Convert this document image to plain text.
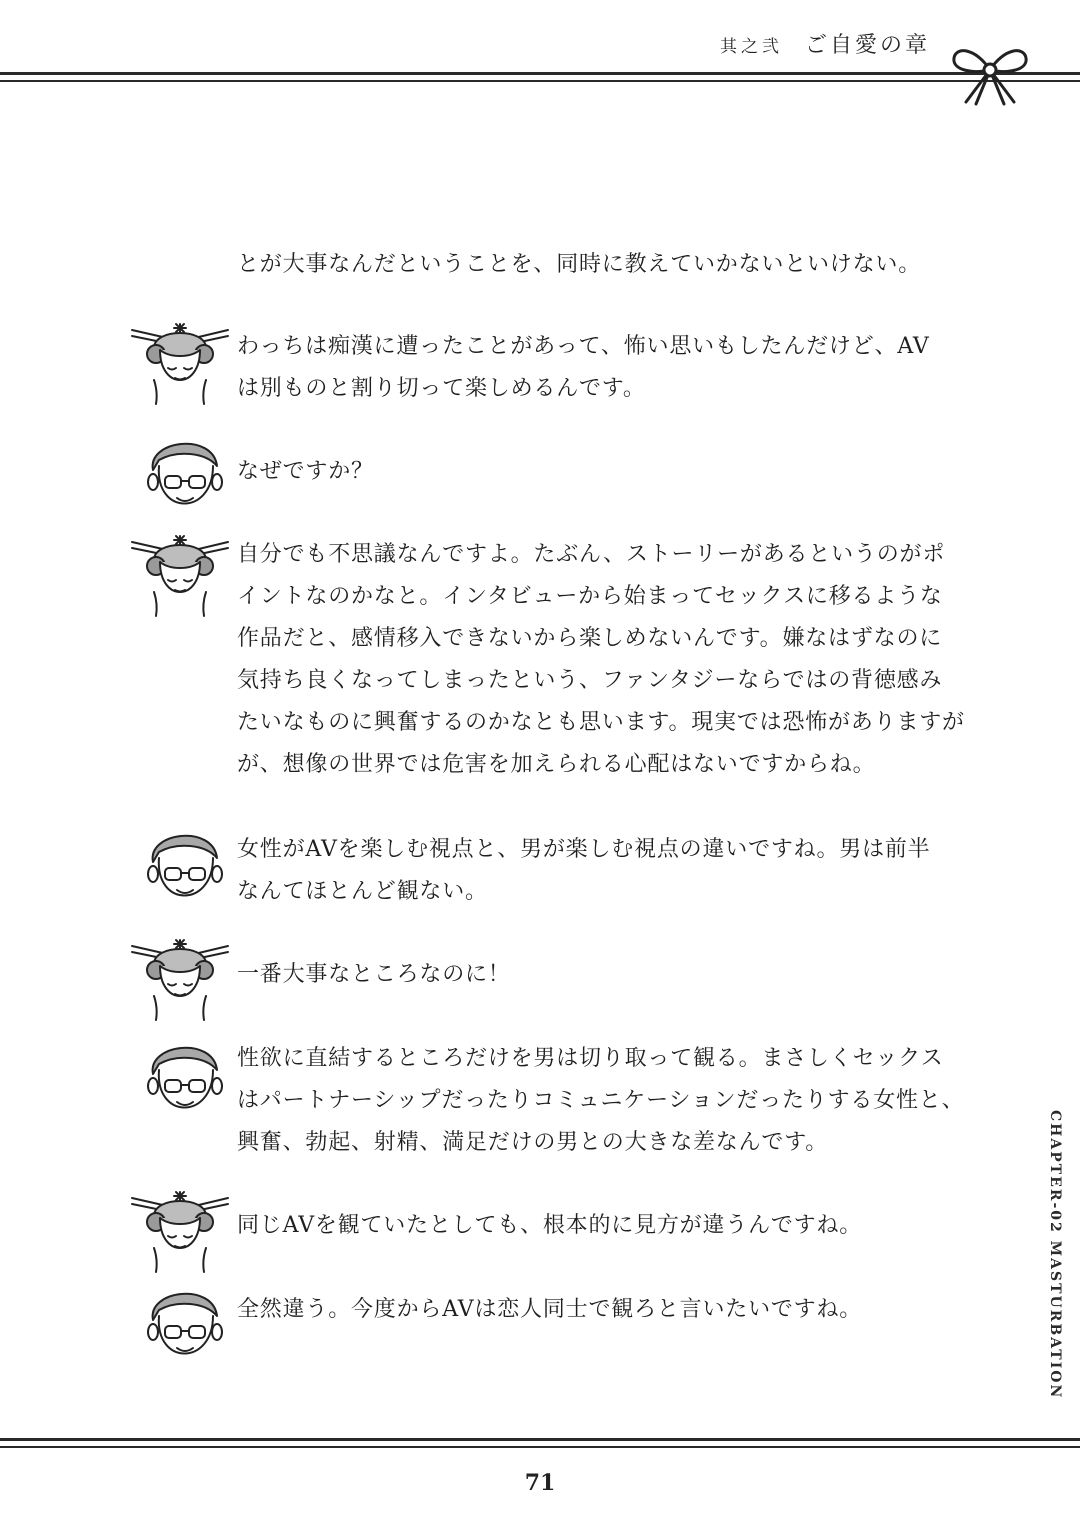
其之弐 ご自愛の章
とが大事なんだということを、同時に教えていかないといけない。
わっちは痴漢に遭ったことがあって、怖い思いもしたんだけど、AV
は別ものと割り切って楽しめるんです。
なぜですか？
自分でも不思議なんですよ。たぶん、ストーリーがあるというのがポ
イントなのかなと。インタビューから始まってセックスに移るような
作品だと、感情移入できないから楽しめないんです。嫌なはずなのに
気持ち良くなってしまったという、ファンタジーならではの背徳感み
たいなものに興奮するのかなとも思います。現実では恐怖がありますが
が、想像の世界では危害を加えられる心配はないですからね。
女性がAVを楽しむ視点と、男が楽しむ視点の違いですね。男は前半
なんてほとんど観ない。
一番大事なところなのに！
性欲に直結するところだけを男は切り取って観る。まさしくセックス
はパートナーシップだったりコミュニケーションだったりする女性と、
興奮、勃起、射精、満足だけの男との大きな差なんです。
同じAVを観ていたとしても、根本的に見方が違うんですね。
全然違う。今度からAVは恋人同士で観ろと言いたいですね。	CHAPTER-02 MASTURBATION
71
